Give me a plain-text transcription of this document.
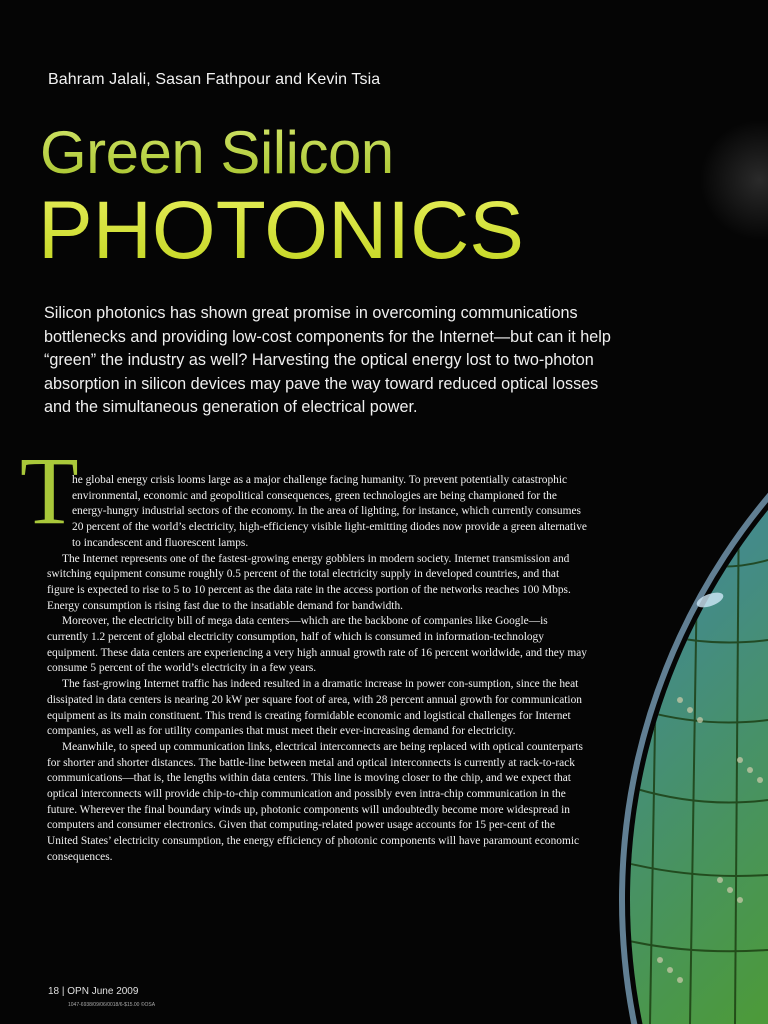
Bahram Jalali, Sasan Fathpour and Kevin Tsia
Green Silicon
PHOTONICS
Silicon photonics has shown great promise in overcoming communications bottlenecks and providing low-cost components for the Internet—but can it help “green” the industry as well? Harvesting the optical energy lost to two-photon absorption in silicon devices may pave the way toward reduced optical losses and the simultaneous generation of electrical power.
T

he global energy crisis looms large as a major challenge facing humanity. To prevent potentially catastrophic environmental, economic and geopolitical consequences, green technologies are being championed for the energy-hungry industrial sectors of the economy. In the area of lighting, for instance, which currently consumes 20 percent of the world’s electricity, high-efficiency visible light-emitting diodes now provide a green alternative to incandescent and fluorescent lamps.

The Internet represents one of the fastest-growing energy gobblers in modern society. Internet transmission and switching equipment consume roughly 0.5 percent of the total electricity supply in developed countries, and that figure is expected to rise to 5 to 10 percent as the data rate in the access portion of the networks reaches 100 Mbps. Energy consumption is rising fast due to the insatiable demand for bandwidth.

Moreover, the electricity bill of mega data centers—which are the backbone of companies like Google—is currently 1.2 percent of global electricity consumption, half of which is consumed in information-technology equipment. These data centers are experiencing a very high annual growth rate of 16 percent worldwide, and they may consume 5 percent of the world’s electricity in a few years.

The fast-growing Internet traffic has indeed resulted in a dramatic increase in power con-sumption, since the heat dissipated in data centers is nearing 20 kW per square foot of area, with 28 percent annual growth for communication equipment as its main constituent. This trend is creating formidable economic and logistical challenges for Internet companies, as well as for utility companies that must meet their ever-increasing demand for electricity.

Meanwhile, to speed up communication links, electrical interconnects are being replaced with optical counterparts for shorter and shorter distances. The battle-line between metal and optical interconnects is currently at rack-to-rack communications—that is, the lengths within data centers. This line is moving closer to the chip, and we expect that optical interconnects will provide chip-to-chip communication and possibly even intra-chip communication in the future. Wherever the final boundary winds up, photonic components will undoubtedly become more widespread in computers and consumer electronics. Given that computing-related power usage accounts for 15 per-cent of the United States’ electricity consumption, the energy efficiency of photonic components will have paramount economic consequences.

18 | OPN June 2009
1047-6938/09/06/0018/6-$15.00 ©OSA
